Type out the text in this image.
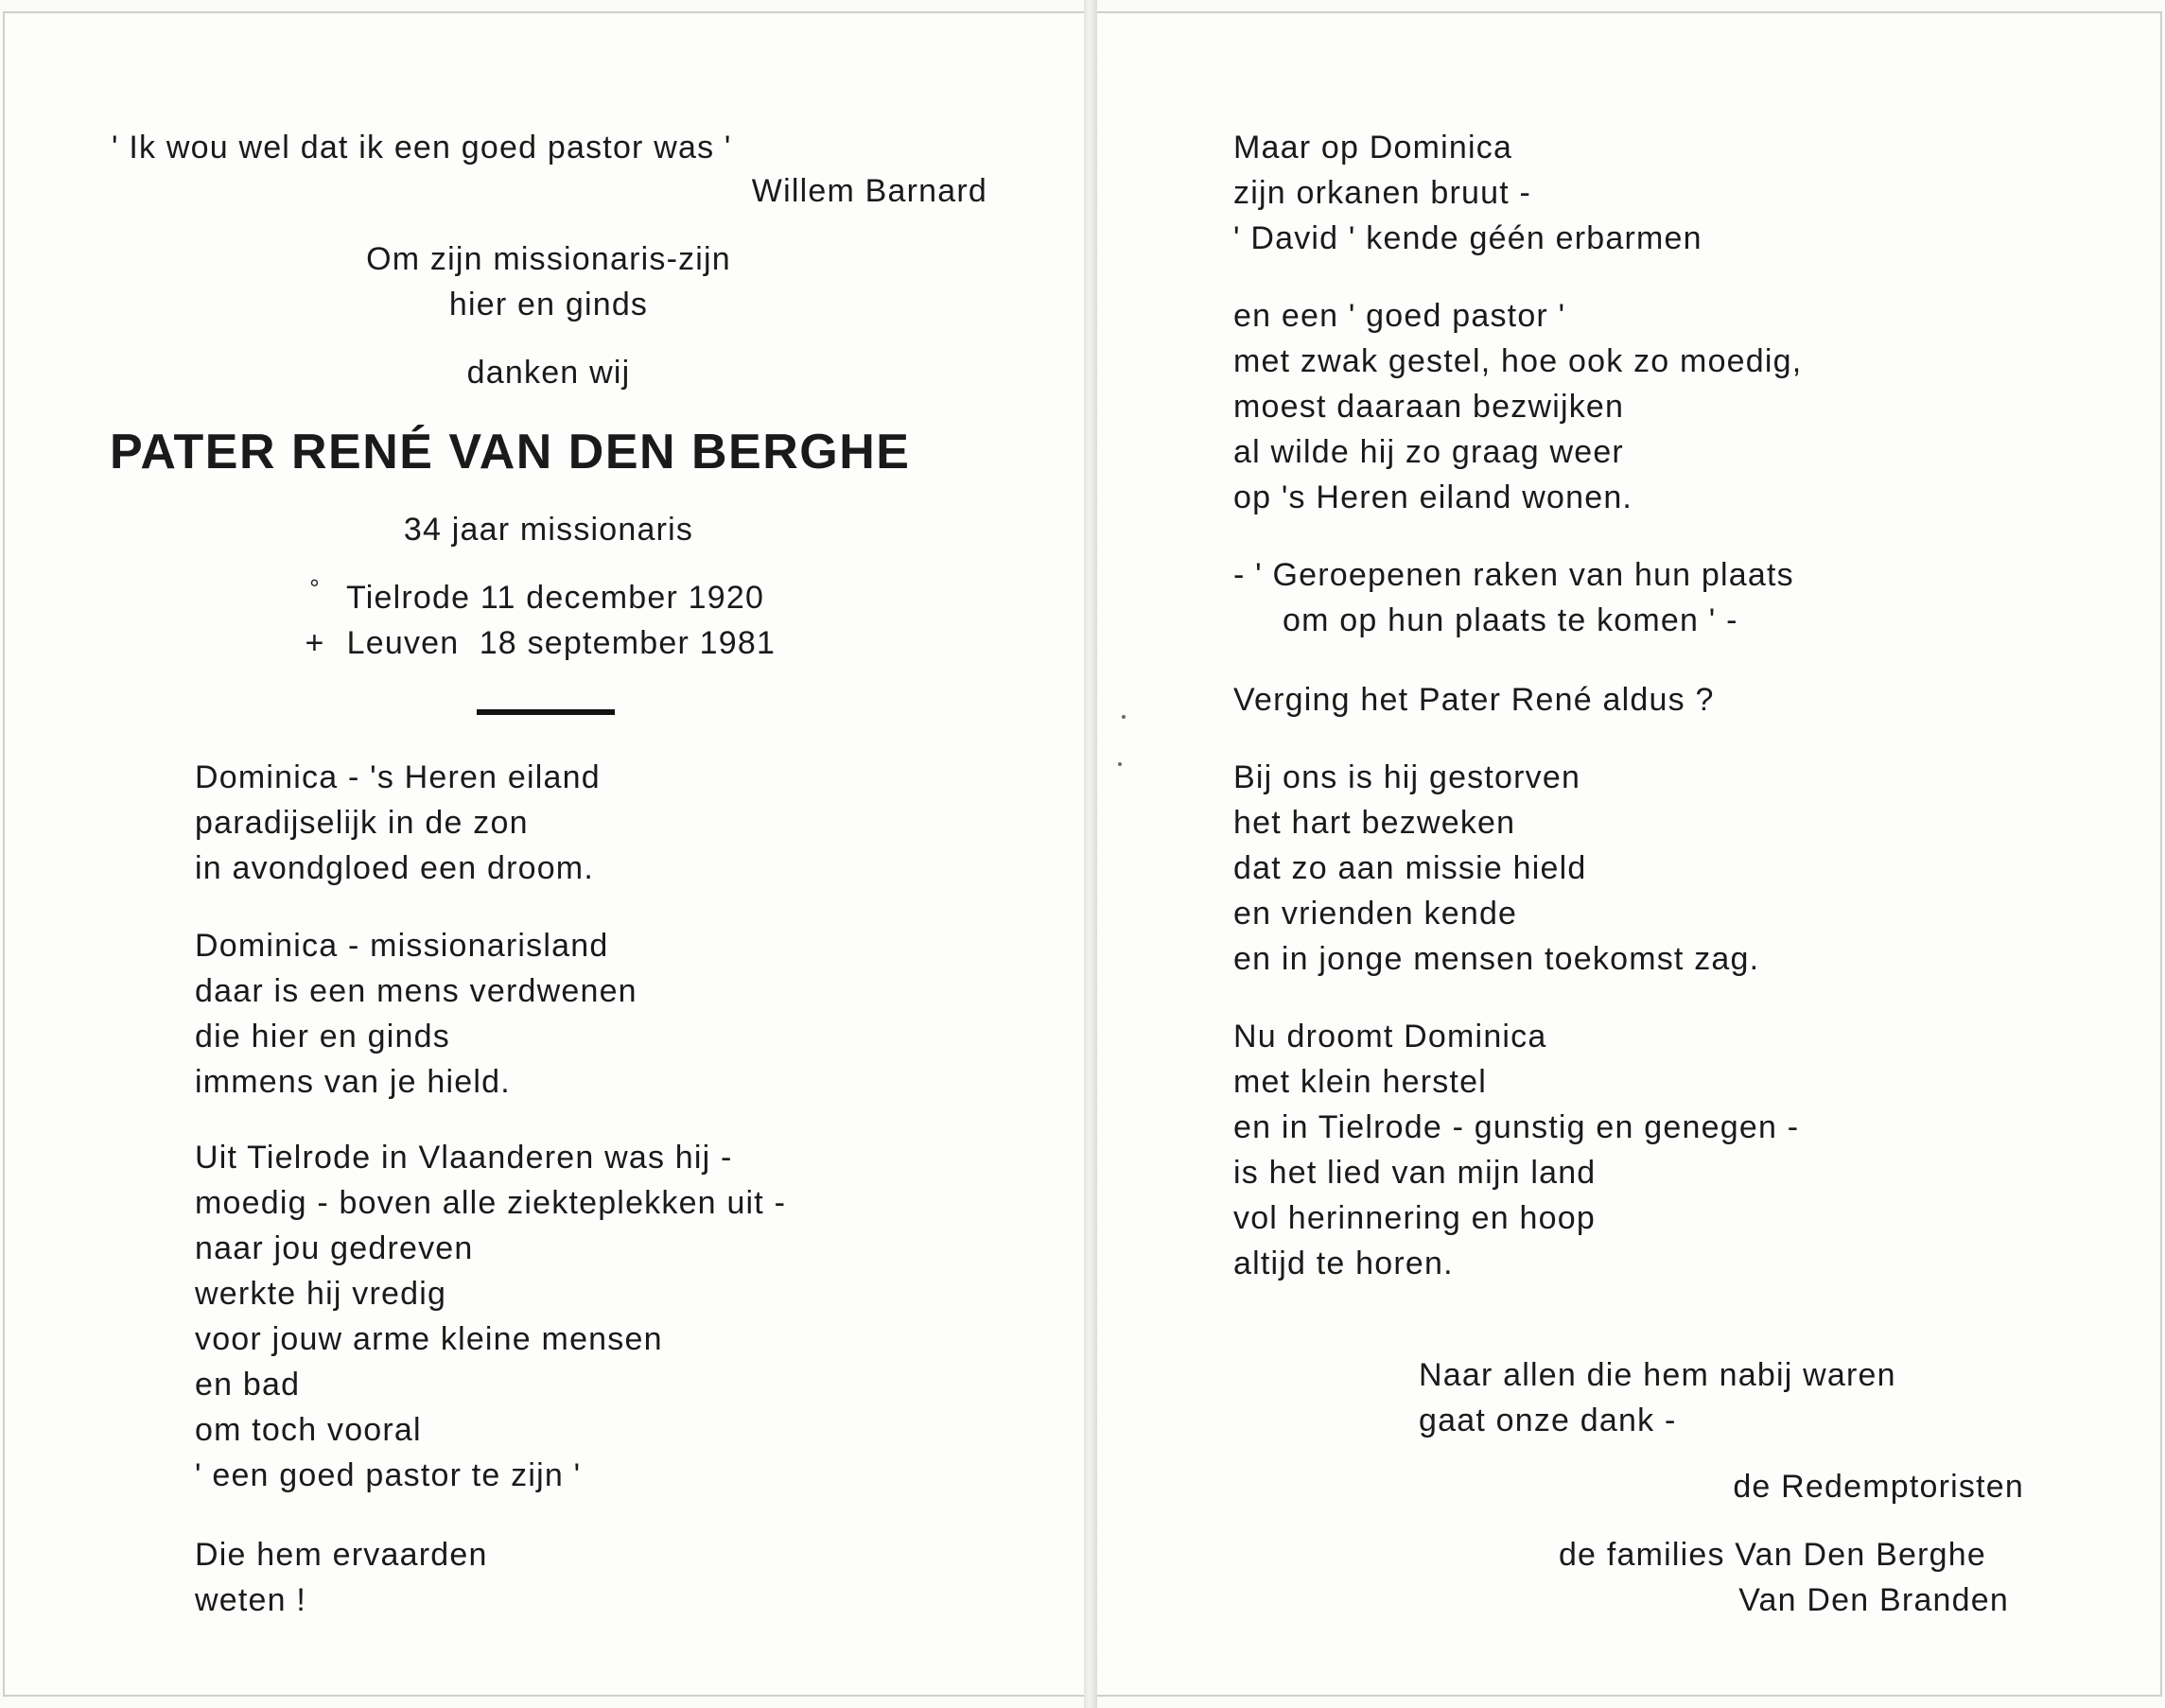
' Ik wou wel dat ik een goed pastor was '

Willem Barnard

Om zijn missionaris-zijn

hier en ginds

danken wij

PATER RENÉ VAN DEN BERGHE

34 jaar missionaris

° Tielrode 11 december 1920

+ Leuven 18 september 1981

Dominica - 's Heren eiland

paradijselijk in de zon

in avondgloed een droom.

Dominica - missionarisland

daar is een mens verdwenen

die hier en ginds

immens van je hield.

Uit Tielrode in Vlaanderen was hij -

moedig - boven alle ziekteplekken uit -

naar jou gedreven

werkte hij vredig

voor jouw arme kleine mensen

en bad

om toch vooral

' een goed pastor te zijn '

Die hem ervaarden

weten !

Maar op Dominica

zijn orkanen bruut -

' David ' kende géén erbarmen

en een ' goed pastor '

met zwak gestel, hoe ook zo moedig,

moest daaraan bezwijken

al wilde hij zo graag weer

op 's Heren eiland wonen.

- ' Geroepenen raken van hun plaats

om op hun plaats te komen ' -

Verging het Pater René aldus ?

Bij ons is hij gestorven

het hart bezweken

dat zo aan missie hield

en vrienden kende

en in jonge mensen toekomst zag.

Nu droomt Dominica

met klein herstel

en in Tielrode - gunstig en genegen -

is het lied van mijn land

vol herinnering en hoop

altijd te horen.

Naar allen die hem nabij waren

gaat onze dank -

de Redemptoristen

de families Van Den Berghe

Van Den Branden
